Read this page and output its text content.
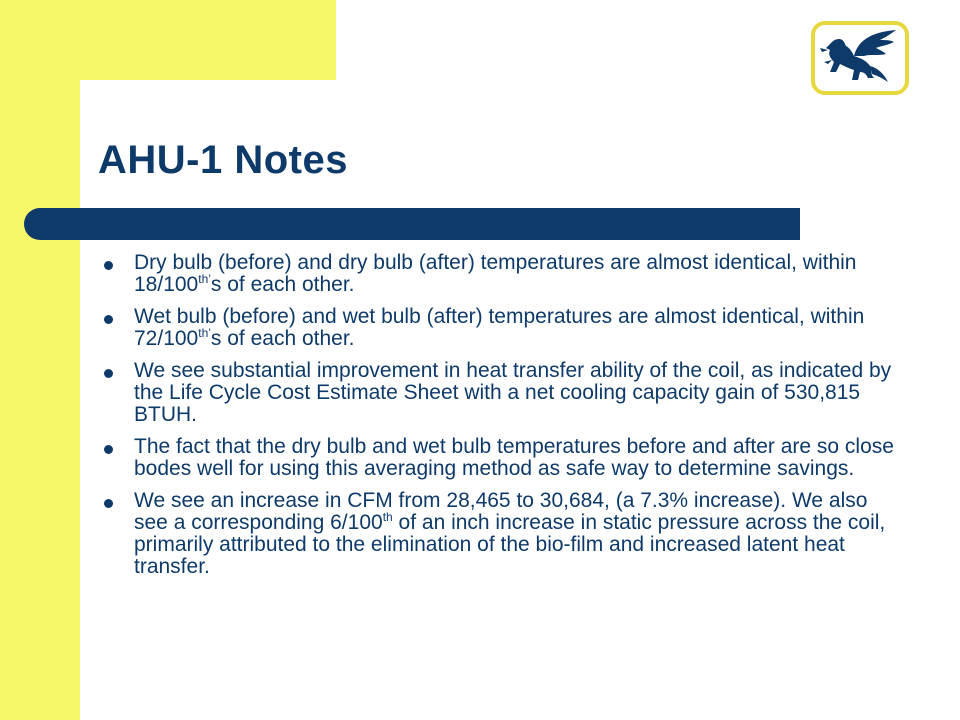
AHU-1 Notes
Dry bulb (before) and dry bulb (after) temperatures are almost identical, within $18/100^{th’}s$ of each other.
Wet bulb (before) and wet bulb (after) temperatures are almost identical, within $72/100^{th’}s$ of each other.
We see substantial improvement in heat transfer ability of the coil, as indicated by the Life Cycle Cost Estimate Sheet with a net cooling capacity gain of 530,815 BTUH.
The fact that the dry bulb and wet bulb temperatures before and after are so close bodes well for using this averaging method as safe way to determine savings.
We see an increase in CFM from 28,465 to 30,684, (a 7.3% increase). We also see a corresponding 6/100th of an inch increase in static pressure across the coil, primarily attributed to the elimination of the bio-film and increased latent heat transfer.
